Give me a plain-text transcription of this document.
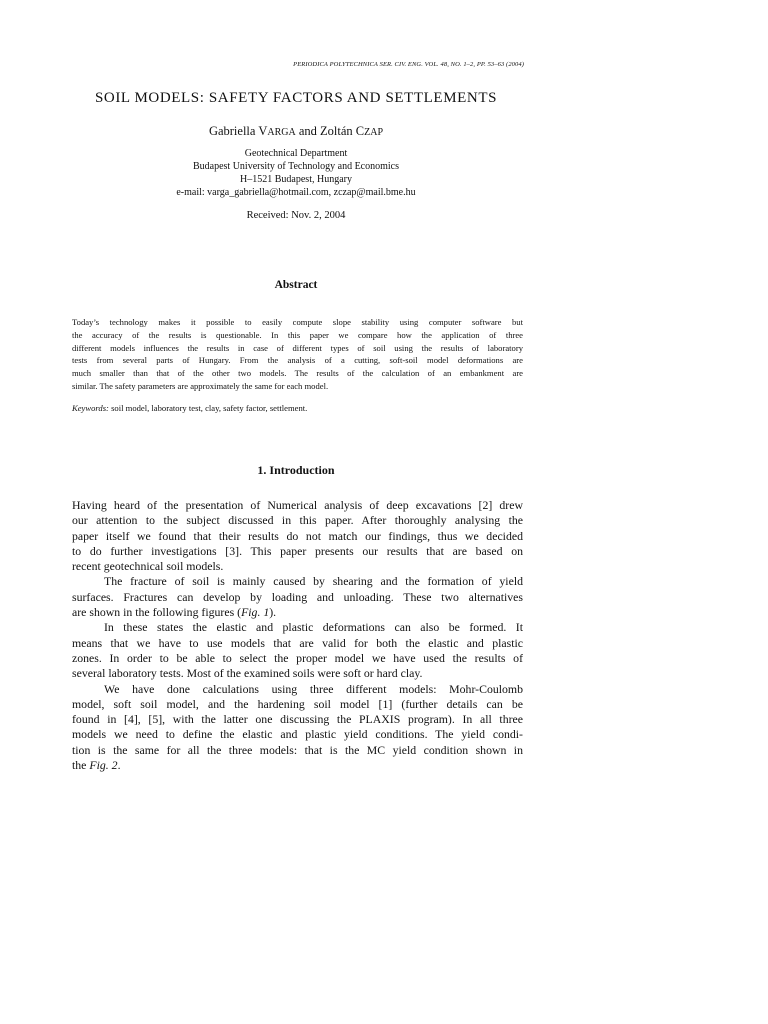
PERIODICA POLYTECHNICA SER. CIV. ENG. VOL. 48, NO. 1–2, PP. 53–63 (2004)
SOIL MODELS: SAFETY FACTORS AND SETTLEMENTS
Gabriella VARGA and Zoltán CZAP
Geotechnical Department
Budapest University of Technology and Economics
H–1521 Budapest, Hungary
e-mail: varga_gabriella@hotmail.com, zczap@mail.bme.hu
Received: Nov. 2, 2004
Abstract
Today’s technology makes it possible to easily compute slope stability using computer software but
the accuracy of the results is questionable. In this paper we compare how the application of three
different models influences the results in case of different types of soil using the results of laboratory
tests from several parts of Hungary. From the analysis of a cutting, soft-soil model deformations are
much smaller than that of the other two models. The results of the calculation of an embankment are
similar. The safety parameters are approximately the same for each model.
Keywords: soil model, laboratory test, clay, safety factor, settlement.
1. Introduction
Having heard of the presentation of Numerical analysis of deep excavations [2] drew
our attention to the subject discussed in this paper. After thoroughly analysing the
paper itself we found that their results do not match our findings, thus we decided
to do further investigations [3]. This paper presents our results that are based on
recent geotechnical soil models.
The fracture of soil is mainly caused by shearing and the formation of yield
surfaces. Fractures can develop by loading and unloading. These two alternatives
are shown in the following figures (Fig. 1).
In these states the elastic and plastic deformations can also be formed. It
means that we have to use models that are valid for both the elastic and plastic
zones. In order to be able to select the proper model we have used the results of
several laboratory tests. Most of the examined soils were soft or hard clay.
We have done calculations using three different models: Mohr-Coulomb
model, soft soil model, and the hardening soil model [1] (further details can be
found in [4], [5], with the latter one discussing the PLAXIS program). In all three
models we need to define the elastic and plastic yield conditions. The yield condi-
tion is the same for all the three models: that is the MC yield condition shown in
the Fig. 2.
